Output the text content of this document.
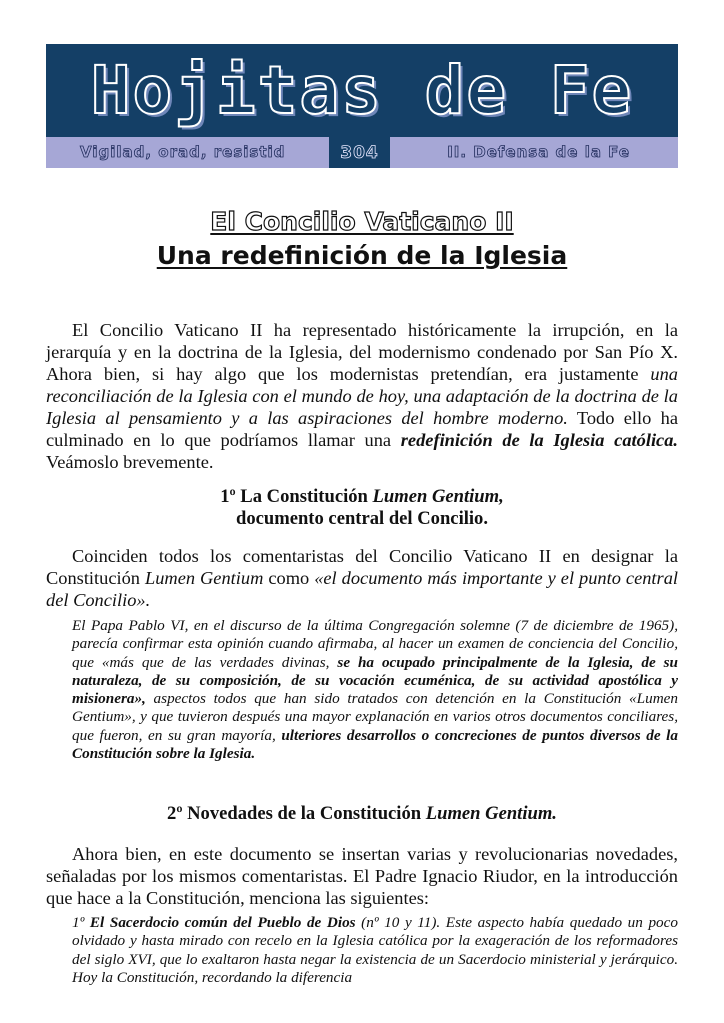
Hojitas de Fe
Vigilad, orad, resistid	304	II. Defensa de la Fe
El Concilio Vaticano II
Una redefinición de la Iglesia

El Concilio Vaticano II ha representado históricamente la irrupción, en la jerarquía y en la doctrina de la Iglesia, del modernismo condenado por San Pío X. Ahora bien, si hay algo que los modernistas pretendían, era justamente una reconciliación de la Iglesia con el mundo de hoy, una adaptación de la doctrina de la Iglesia al pensamiento y a las aspiraciones del hombre moderno. Todo ello ha culminado en lo que podríamos llamar una redefinición de la Iglesia católica. Veámoslo brevemente.

1º La Constitución Lumen Gentium,
documento central del Concilio.

Coinciden todos los comentaristas del Concilio Vaticano II en designar la Constitución Lumen Gentium como «el documento más importante y el punto central del Concilio».

El Papa Pablo VI, en el discurso de la última Congregación solemne (7 de diciembre de 1965), parecía confirmar esta opinión cuando afirmaba, al hacer un examen de conciencia del Concilio, que «más que de las verdades divinas, se ha ocupado principalmente de la Iglesia, de su naturaleza, de su composición, de su vocación ecuménica, de su actividad apostólica y misionera», aspectos todos que han sido tratados con detención en la Constitución «Lumen Gentium», y que tuvieron después una mayor explanación en varios otros documentos conciliares, que fueron, en su gran mayoría, ulteriores desarrollos o concreciones de puntos diversos de la Constitución sobre la Iglesia.

2º Novedades de la Constitución Lumen Gentium.

Ahora bien, en este documento se insertan varias y revolucionarias novedades, señaladas por los mismos comentaristas. El Padre Ignacio Riudor, en la introducción que hace a la Constitución, menciona las siguientes:

1º El Sacerdocio común del Pueblo de Dios (nº 10 y 11). Este aspecto había quedado un poco olvidado y hasta mirado con recelo en la Iglesia católica por la exageración de los reformadores del siglo XVI, que lo exaltaron hasta negar la existencia de un Sacerdocio ministerial y jerárquico. Hoy la Constitución, recordando la diferencia
